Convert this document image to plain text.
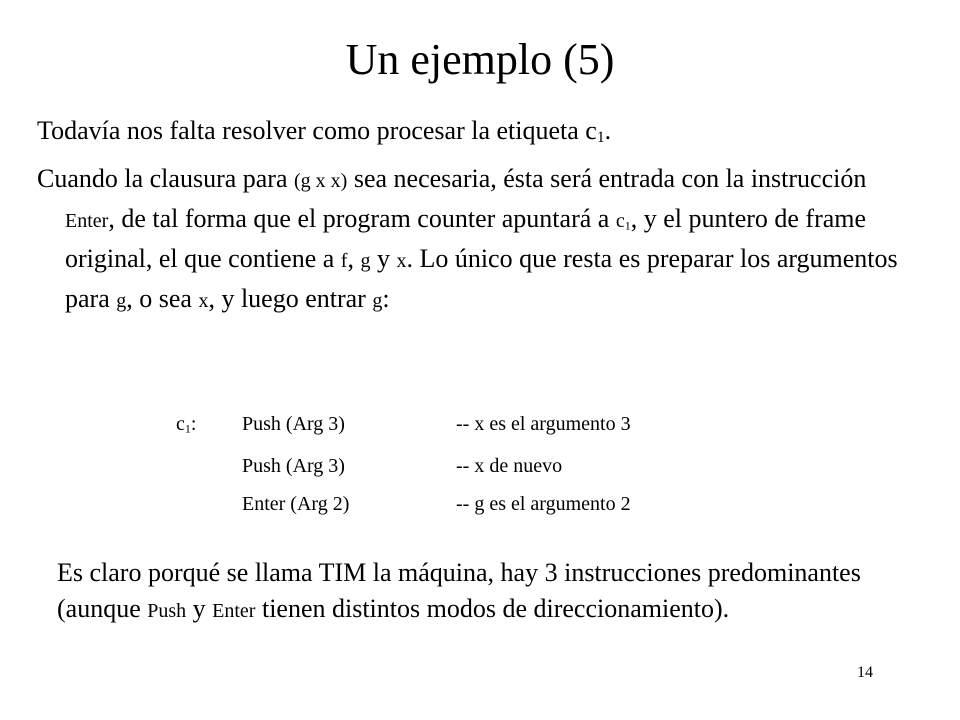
Un ejemplo (5)
Todavía nos falta resolver como procesar la etiqueta $c_1$.
Cuando la clausura para (g x x) sea necesaria, ésta será entrada con la instrucción Enter, de tal forma que el program counter apuntará a $c_1$, y el puntero de frame original, el que contiene a f, g y x. Lo único que resta es preparar los argumentos para g, o sea x, y luego entrar g:
$c_1$: Push (Arg 3)	-- x es el argumento 3
Push (Arg 3)	-- x de nuevo
Enter (Arg 2)	-- g es el argumento 2
Es claro porqué se llama TIM la máquina, hay 3 instrucciones predominantes (aunque Push y Enter tienen distintos modos de direccionamiento).
14
